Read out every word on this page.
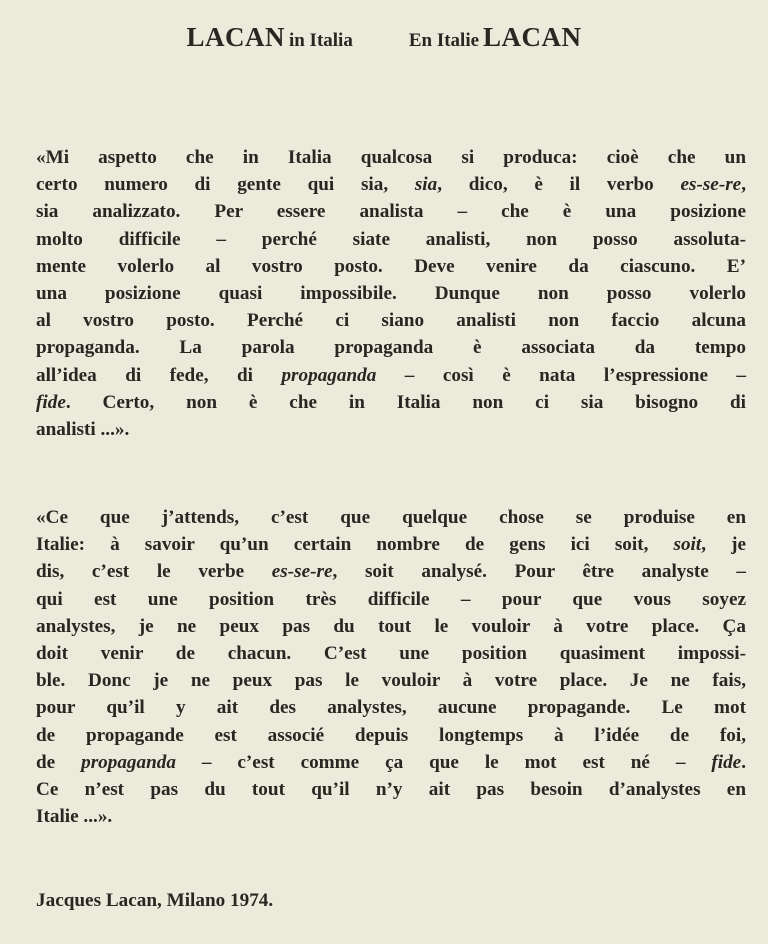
LACAN in Italia	En Italie LACAN
«Mi aspetto che in Italia qualcosa si produca: cioè che un
certo numero di gente qui sia, sia, dico, è il verbo es-se-re,
sia analizzato. Per essere analista – che è una posizione
molto difficile – perché siate analisti, non posso assoluta-
mente volerlo al vostro posto. Deve venire da ciascuno. E’
una posizione quasi impossibile. Dunque non posso volerlo
al vostro posto. Perché ci siano analisti non faccio alcuna
propaganda. La parola propaganda è associata da tempo
all’idea di fede, di propaganda – così è nata l’espressione –
fide. Certo, non è che in Italia non ci sia bisogno di
analisti ...».
«Ce que j’attends, c’est que quelque chose se produise en
Italie: à savoir qu’un certain nombre de gens ici soit, soit, je
dis, c’est le verbe es-se-re, soit analysé. Pour être analyste –
qui est une position très difficile – pour que vous soyez
analystes, je ne peux pas du tout le vouloir à votre place. Ça
doit venir de chacun. C’est une position quasiment impossi-
ble. Donc je ne peux pas le vouloir à votre place. Je ne fais,
pour qu’il y ait des analystes, aucune propagande. Le mot
de propagande est associé depuis longtemps à l’idée de foi,
de propaganda – c’est comme ça que le mot est né – fide.
Ce n’est pas du tout qu’il n’y ait pas besoin d’analystes en
Italie ...».
Jacques Lacan, Milano 1974.
